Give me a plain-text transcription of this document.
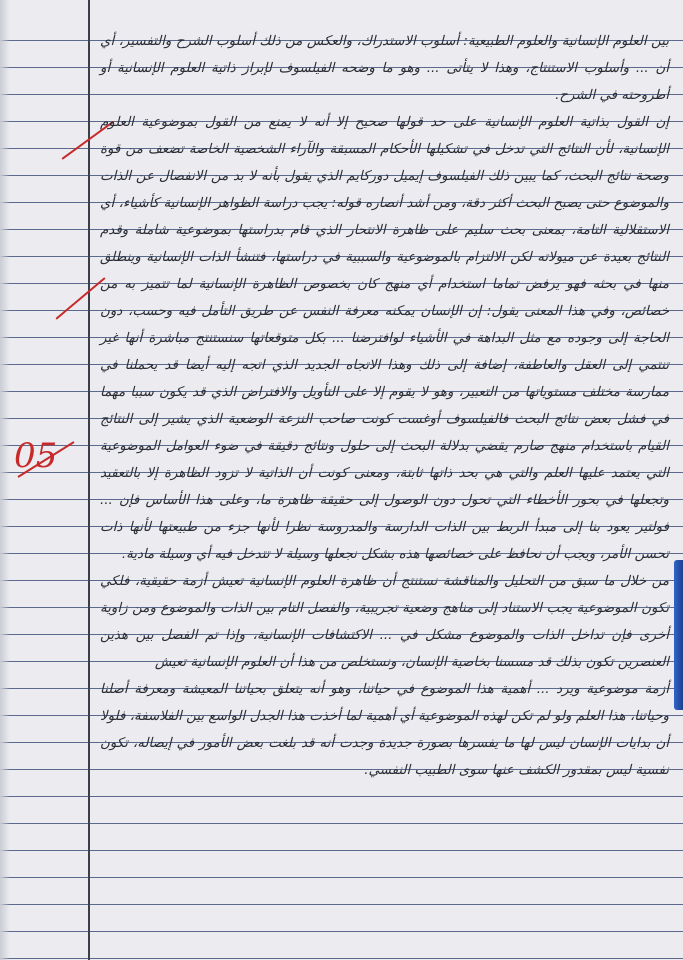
05

بين العلوم الإنسانية والعلوم الطبيعية: أسلوب الاستدراك، والعكس من ذلك أسلوب الشرح والتفسير، أي أن ... وأسلوب الاستنتاج، وهذا لا يتأتى ... وهو ما وضحه الفيلسوف لإبراز ذاتية العلوم الإنسانية أو أطروحته في الشرح.

إن القول بذاتية العلوم الإنسانية على حد قولها صحيح إلا أنه لا يمنع من القول بموضوعية العلوم الإنسانية، لأن النتائج التي تدخل في تشكيلها الأحكام المسبقة والآراء الشخصية الخاصة تضعف من قوة وصحة نتائج البحث، كما يبين ذلك الفيلسوف إيميل دوركايم الذي يقول بأنه لا بد من الانفصال عن الذات والموضوع حتى يصبح البحث أكثر دقة، ومن أشد أنصاره قوله: يجب دراسة الظواهر الإنسانية كأشياء، أي الاستقلالية التامة، بمعنى بحث سليم على ظاهرة الانتحار الذي قام بدراستها بموضوعية شاملة وقدم النتائج بعيدة عن ميولاته لكن الالتزام بالموضوعية والسببية في دراستها، فتنشأ الذات الإنسانية وينطلق منها في بحثه فهو يرفض تماما استخدام أي منهج كان بخصوص الظاهرة الإنسانية لما تتميز به من خصائص، وفي هذا المعنى يقول: إن الإنسان يمكنه معرفة النفس عن طريق التأمل فيه وحسب، دون الحاجة إلى وجوده مع مثل البداهة في الأشياء لوافترضنا ... بكل متوقعاتها سنستنتج مباشرة أنها غير تنتمي إلى العقل والعاطفة، إضافة إلى ذلك وهذا الاتجاه الجديد الذي اتجه إليه أيضا قد يحملنا في ممارسة مختلف مستوياتها من التعبير، وهو لا يقوم إلا على التأويل والافتراض الذي قد يكون سببا مهما في فشل بعض نتائج البحث فالفيلسوف أوغست كونت صاحب النزعة الوضعية الذي يشير إلى النتائج القيام باستخدام منهج صارم يقضي بدلالة البحث إلى حلول ونتائج دقيقة في ضوء العوامل الموضوعية التي يعتمد عليها العلم والتي هي بحد ذاتها ثابتة، ومعنى كونت أن الذاتية لا تزود الظاهرة إلا بالتعقيد وتجعلها في بحور الأخطاء التي تحول دون الوصول إلى حقيقة ظاهرة ما، وعلى هذا الأساس فإن ... فولتير يعود بنا إلى مبدأ الربط بين الذات الدارسة والمدروسة نظرا لأنها جزء من طبيعتها لأنها ذات تحسن الأمر، ويجب أن نحافظ على خصائصها هذه بشكل نجعلها وسيلة لا تتدخل فيه أي وسيلة مادية.

من خلال ما سبق من التحليل والمناقشة نستنتج أن ظاهرة العلوم الإنسانية تعيش أزمة حقيقية، فلكي تكون الموضوعية يجب الاستناد إلى مناهج وضعية تجريبية، والفصل التام بين الذات والموضوع ومن زاوية أخرى فإن تداخل الذات والموضوع مشكل في ... الاكتشافات الإنسانية، وإذا تم الفصل بين هذين العنصرين تكون بذلك قد مسسنا بخاصية الإنسان، ونستخلص من هذا أن العلوم الإنسانية تعيش

أزمة موضوعية ويرد ... أهمية هذا الموضوع في حياتنا، وهو أنه يتعلق بحياتنا المعيشة ومعرفة أصلنا وحياتنا، هذا العلم ولو لم تكن لهذه الموضوعية أي أهمية لما أخذت هذا الجدل الواسع بين الفلاسفة، فلولا أن بدايات الإنسان ليس لها ما يفسرها بصورة جديدة وجدت أنه قد بلغت بعض الأمور في إيصاله، تكون نفسية ليس بمقدور الكشف عنها سوى الطبيب النفسي.
